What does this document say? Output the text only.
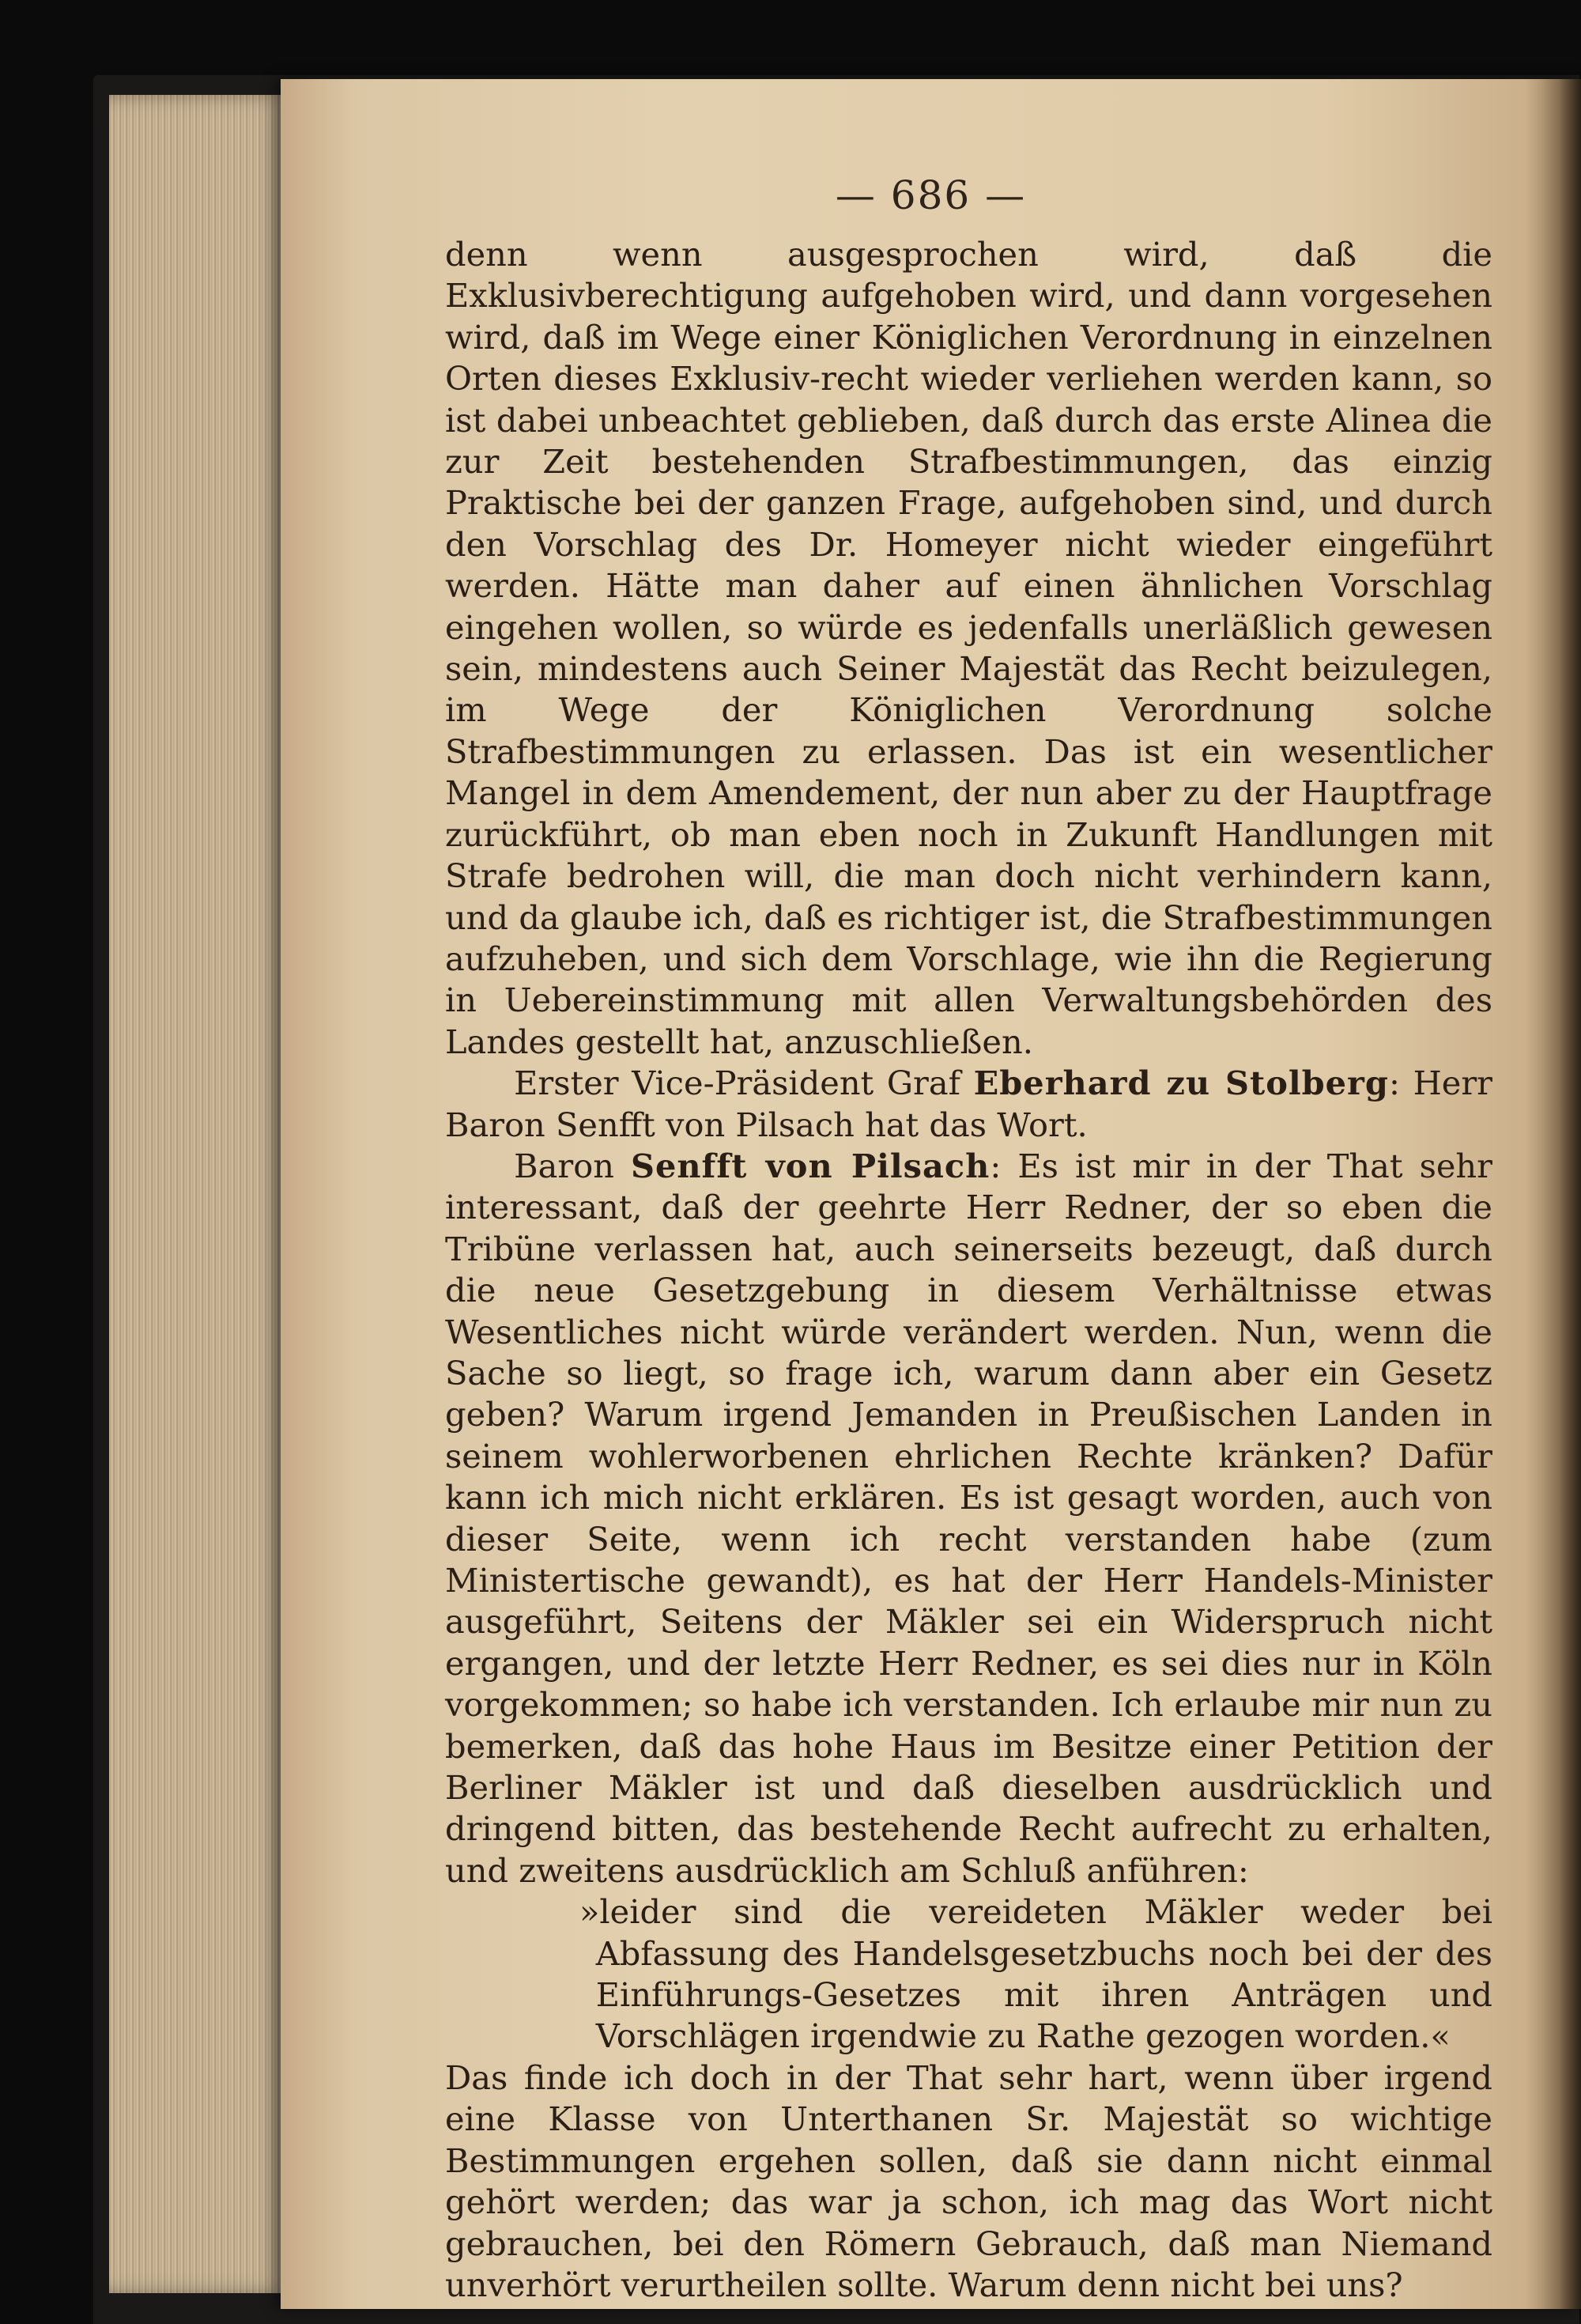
— 686 —

denn wenn ausgesprochen wird, daß die Exklusivberechtigung aufgehoben wird, und dann vorgesehen wird, daß im Wege einer Königlichen Verordnung in einzelnen Orten dieses Exklusiv-recht wieder verliehen werden kann, so ist dabei unbeachtet geblieben, daß durch das erste Alinea die zur Zeit bestehenden Strafbestimmungen, das einzig Praktische bei der ganzen Frage, aufgehoben sind, und durch den Vorschlag des Dr. Homeyer nicht wieder eingeführt werden. Hätte man daher auf einen ähnlichen Vorschlag eingehen wollen, so würde es jedenfalls unerläßlich gewesen sein, mindestens auch Seiner Majestät das Recht beizulegen, im Wege der Königlichen Verordnung solche Strafbestimmungen zu erlassen. Das ist ein wesentlicher Mangel in dem Amendement, der nun aber zu der Hauptfrage zurückführt, ob man eben noch in Zukunft Handlungen mit Strafe bedrohen will, die man doch nicht verhindern kann, und da glaube ich, daß es richtiger ist, die Strafbestimmungen aufzuheben, und sich dem Vorschlage, wie ihn die Regierung in Uebereinstimmung mit allen Verwaltungsbehörden des Landes gestellt hat, anzuschließen.

Erster Vice-Präsident Graf Eberhard zu Stolberg: Herr Baron Senfft von Pilsach hat das Wort.

Baron Senfft von Pilsach: Es ist mir in der That sehr interessant, daß der geehrte Herr Redner, der so eben die Tribüne verlassen hat, auch seinerseits bezeugt, daß durch die neue Gesetzgebung in diesem Verhältnisse etwas Wesentliches nicht würde verändert werden. Nun, wenn die Sache so liegt, so frage ich, warum dann aber ein Gesetz geben? Warum irgend Jemanden in Preußischen Landen in seinem wohlerworbenen ehrlichen Rechte kränken? Dafür kann ich mich nicht erklären. Es ist gesagt worden, auch von dieser Seite, wenn ich recht verstanden habe (zum Ministertische gewandt), es hat der Herr Handels-Minister ausgeführt, Seitens der Mäkler sei ein Widerspruch nicht ergangen, und der letzte Herr Redner, es sei dies nur in Köln vorgekommen; so habe ich verstanden. Ich erlaube mir nun zu bemerken, daß das hohe Haus im Besitze einer Petition der Berliner Mäkler ist und daß dieselben ausdrücklich und dringend bitten, das bestehende Recht aufrecht zu erhalten, und zweitens ausdrücklich am Schluß anführen:

»leider sind die vereideten Mäkler weder bei Abfassung des Handelsgesetzbuchs noch bei der des Einführungs-Gesetzes mit ihren Anträgen und Vorschlägen irgendwie zu Rathe gezogen worden.«

Das finde ich doch in der That sehr hart, wenn über irgend eine Klasse von Unterthanen Sr. Majestät so wichtige Bestimmungen ergehen sollen, daß sie dann nicht einmal gehört werden; das war ja schon, ich mag das Wort nicht gebrauchen, bei den Römern Gebrauch, daß man Niemand unverhört verurtheilen sollte. Warum denn nicht bei uns?
